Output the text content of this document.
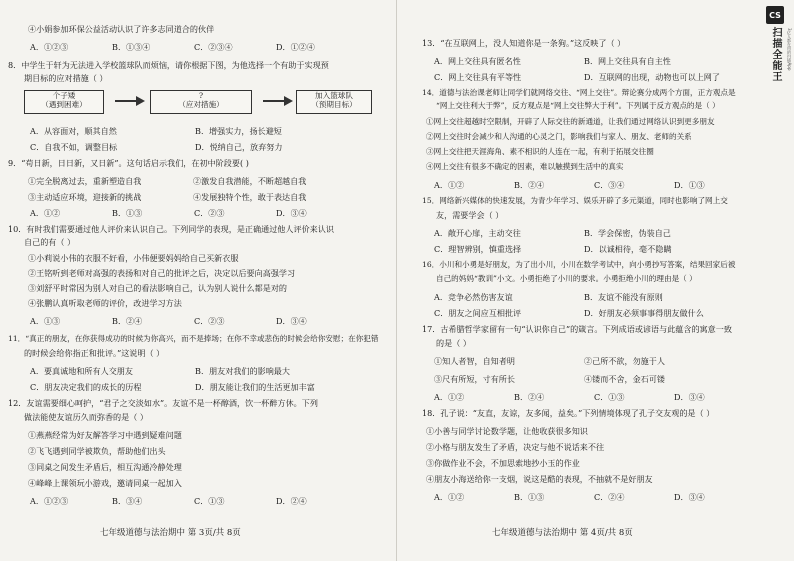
④小娟参加环保公益活动认识了许多志同道合的伙伴
A．①②③	B．①③④	C．②③④	D．①②④
8．中学生于轩为无法进入学校篮球队而烦恼，请你根据下图，为他选择一个有助于实现预
期目标的应对措施（ ）
个子矮
（遇到困难）
?
（应对措施）
加入篮球队
（预期目标）
A．从容面对，顺其自然	B．增强实力，扬长避短
C．自我不如，调整目标	D．悦纳自己，放弃努力
9．“苟日新，日日新，又日新”。这句话启示我们，在初中阶段要( )
①完全脱离过去，重新塑造自我	②激发自我潜能，不断超越自我
③主动适应环境，迎接新的挑战	④发展独特个性，敢于表达自我
A．①②	B．①③	C．②③	D．③④
10．有时我们需要通过他人评价来认识自己。下列同学的表现，是正确通过他人评价来认识
自己的有（ ）
①小莉说小伟的衣服不好看，小伟便要妈妈给自己买新衣服
②王铭听到老师对高强的表扬和对自己的批评之后，决定以后要向高强学习
③刘舒平时常因为别人对自己的看法影响自己，认为别人说什么都是对的
④张鹏认真听取老师的评价，改进学习方法
A．①③	B．②④	C．②③	D．③④
11．“真正的朋友，在你获得成功的时候为你高兴，而不是捧场；在你不幸或悲伤的时候会给你安慰；在你犯错
的时候会给你指正和批评。”这说明（ ）
A．要真诚地和所有人交朋友	B．朋友对我们的影响最大
C．朋友决定我们的成长的历程	D．朋友能让我们的生活更加丰富
12．友谊需要细心呵护，“君子之交淡如水”。友谊不是一杯醇酒，饮一杯醉方休。下列
做法能使友谊历久而弥香的是（ ）
①燕燕经常为好友解答学习中遇到疑难问题
②飞飞遇到同学被欺负，帮助他们出头
③同桌之间发生矛盾后，相互沟通冷静处理
④峰峰上课领玩小游戏，邀请同桌一起加入
A．①②③	B．③④	C．①③	D．②④
七年级道德与法治期中 第 3页/共 8页
13．“在互联网上，没人知道你是一条狗。”这反映了（ ）
A．网上交往具有匿名性	B．网上交往具有自主性
C．网上交往具有平等性	D．互联网的出现，动物也可以上网了
14．道德与法治课老师让同学们就网络交往、“网上交往”。辩论赛分成两个方面，正方观点是
“网上交往利大于弊”，反方观点是“网上交往弊大于利”。下列属于反方观点的是（ ）
①网上交往超越时空限制，开辟了人际交往的新通道，让我们通过网络认识到更多朋友
②网上交往时会减少和人沟通的心灵之门，影响我们与家人、朋友、老师的关系
③网上交往把天涯海角、素不相识的人连在一起，有利于拓展交往圈
④网上交往有很多不确定的因素，难以触摸到生活中的真实
A．①②	B．②④	C．③④	D．①③
15．网络新兴媒体的快速发展，为青少年学习、娱乐开辟了多元渠道，同时也影响了网上交
友，需要学会（ ）
A．敞开心扉，主动交往	B．学会保密，伪装自己
C．理智辨别，慎重选择	D．以诚相待，毫不隐瞒
16．小川和小勇是好朋友，为了出小川，小川在数学考试中，向小勇抄写答案，结果回家后被
自己的妈妈“教训”小文。小勇拒绝了小川的要求。小勇拒绝小川的理由是（ ）
A．竞争必然伤害友谊	B．友谊不能没有原则
C．朋友之间应互相批评	D．好朋友必须事事得朋友做什么
17．古希腊哲学家留有一句“认识你自己”的箴言。下列成语或谚语与此蕴含的寓意一致
的是（ ）
①知人者智，自知者明	②己所不欲，勿施于人
③尺有所短，寸有所长	④镂而不舍，金石可镂
A．①②	B．②④	C．①③	D．③④
18．孔子说：“友直，友谅，友多闻，益矣。”下列情境体现了孔子交友观的是（ ）
①小善与同学讨论数学题，让他收获很多知识
②小格与朋友发生了矛盾，决定与他不说话来不往
③你做作业不会，不加思索地抄小玉的作业
④朋友小海送给你一支烟，说这是酷的表现，不抽就不是好朋友
A．①②	B．①③	C．②④	D．③④
七年级道德与法治期中 第 4页/共 8页
CS
扫描全能王	3亿人都在用的扫描App
